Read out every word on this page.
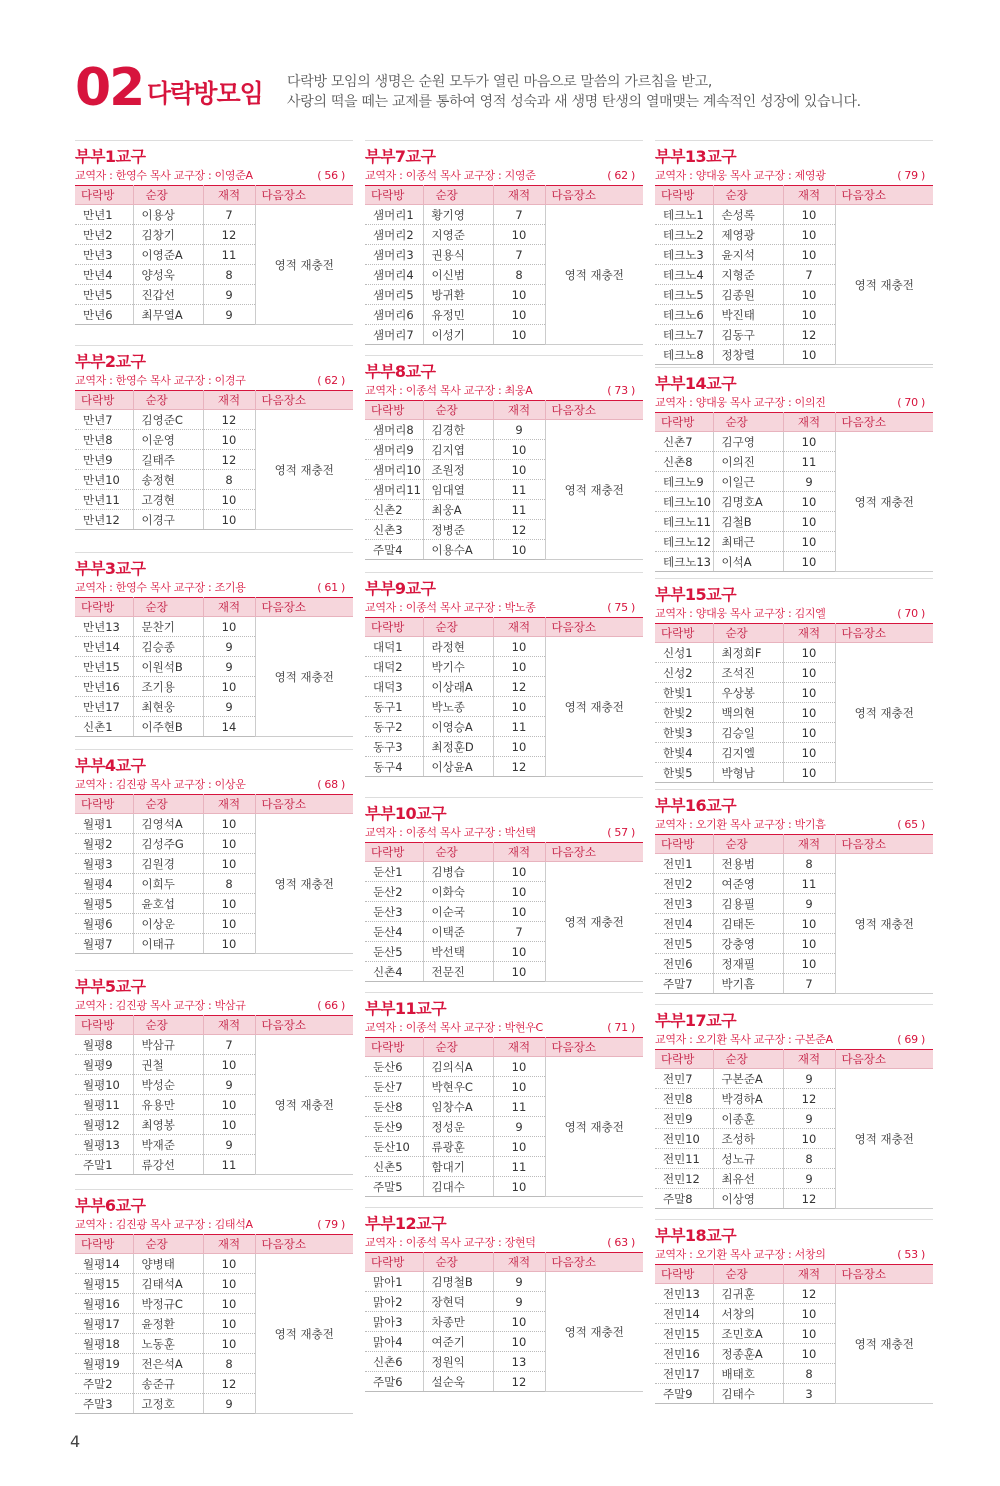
02 다락방모임 다락방 모임의 생명은 순원 모두가 열린 마음으로 말씀의 가르침을 받고,
사랑의 떡을 떼는 교제를 통하여 영적 성숙과 새 생명 탄생의 열매맺는 계속적인 성장에 있습니다.
부부1교구
교역자 : 한영수 목사 교구장 : 이영준A	( 56 )
다락방	순장	재적	다음장소
만년1	이용상	7	영적 재충전
만년2	김창기	12	
만년3	이영준A	11	
만년4	양성욱	8	
만년5	진갑선	9	
만년6	최무열A	9	
부부2교구
교역자 : 한영수 목사 교구장 : 이경구	( 62 )
다락방	순장	재적	다음장소
만년7	김영준C	12	영적 재충전
만년8	이운영	10	
만년9	길태주	12	
만년10	송정현	8	
만년11	고경현	10	
만년12	이경구	10	
부부3교구
교역자 : 한영수 목사 교구장 : 조기용	( 61 )
다락방	순장	재적	다음장소
만년13	문찬기	10	영적 재충전
만년14	김승종	9	
만년15	이원석B	9	
만년16	조기용	10	
만년17	최현웅	9	
신촌1	이주현B	14	
부부4교구
교역자 : 김진광 목사 교구장 : 이상운	( 68 )
다락방	순장	재적	다음장소
월평1	김영석A	10	영적 재충전
월평2	김성주G	10	
월평3	김원경	10	
월평4	이희두	8	
월평5	윤호섭	10	
월평6	이상운	10	
월평7	이태규	10	
부부5교구
교역자 : 김진광 목사 교구장 : 박삼규	( 66 )
다락방	순장	재적	다음장소
월평8	박삼규	7	영적 재충전
월평9	권철	10	
월평10	박성순	9	
월평11	유용만	10	
월평12	최영봉	10	
월평13	박재준	9	
주말1	류강선	11	
부부6교구
교역자 : 김진광 목사 교구장 : 김태석A	( 79 )
다락방	순장	재적	다음장소
월평14	양병태	10	영적 재충전
월평15	김태석A	10	
월평16	박정규C	10	
월평17	윤정환	10	
월평18	노동훈	10	
월평19	전은석A	8	
주말2	송준규	12	
주말3	고정호	9	
부부7교구
교역자 : 이종석 목사 교구장 : 지영준	( 62 )
다락방	순장	재적	다음장소
샘머리1	황기영	7	영적 재충전
샘머리2	지영준	10	
샘머리3	권용식	7	
샘머리4	이신범	8	
샘머리5	방귀환	10	
샘머리6	유정민	10	
샘머리7	이성기	10	
부부8교구
교역자 : 이종석 목사 교구장 : 최웅A	( 73 )
다락방	순장	재적	다음장소
샘머리8	김경한	9	영적 재충전
샘머리9	김지엽	10	
샘머리10	조원정	10	
샘머리11	임대열	11	
신촌2	최웅A	11	
신촌3	정병준	12	
주말4	이용수A	10	
부부9교구
교역자 : 이종석 목사 교구장 : 박노종	( 75 )
다락방	순장	재적	다음장소
대덕1	라정현	10	영적 재충전
대덕2	박기수	10	
대덕3	이상래A	12	
동구1	박노종	10	
동구2	이영승A	11	
동구3	최정훈D	10	
동구4	이상윤A	12	
부부10교구
교역자 : 이종석 목사 교구장 : 박선택	( 57 )
다락방	순장	재적	다음장소
둔산1	김병습	10	영적 재충전
둔산2	이화숙	10	
둔산3	이순국	10	
둔산4	이택준	7	
둔산5	박선택	10	
신촌4	전문진	10	
부부11교구
교역자 : 이종석 목사 교구장 : 박현우C	( 71 )
다락방	순장	재적	다음장소
둔산6	김의식A	10	영적 재충전
둔산7	박현우C	10	
둔산8	임창수A	11	
둔산9	정성운	9	
둔산10	류광훈	10	
신촌5	함대기	11	
주말5	김대수	10	
부부12교구
교역자 : 이종석 목사 교구장 : 장현덕	( 63 )
다락방	순장	재적	다음장소
맑아1	김명철B	9	영적 재충전
맑아2	장현덕	9	
맑아3	차종만	10	
맑아4	여준기	10	
신촌6	정원익	13	
주말6	설순욱	12	
부부13교구
교역자 : 양대웅 목사 교구장 : 제영광	( 79 )
다락방	순장	재적	다음장소
테크노1	손성록	10	영적 재충전
테크노2	제영광	10	
테크노3	윤지석	10	
테크노4	지형준	7	
테크노5	김종원	10	
테크노6	박진태	10	
테크노7	김동구	12	
테크노8	정창렬	10	
부부14교구
교역자 : 양대웅 목사 교구장 : 이의진	( 70 )
다락방	순장	재적	다음장소
신촌7	김구영	10	영적 재충전
신촌8	이의진	11	
테크노9	이일근	9	
테크노10	김명호A	10	
테크노11	김철B	10	
테크노12	최태근	10	
테크노13	이석A	10	
부부15교구
교역자 : 양대웅 목사 교구장 : 김지엘	( 70 )
다락방	순장	재적	다음장소
신성1	최정희F	10	영적 재충전
신성2	조석진	10	
한빛1	우상봉	10	
한빛2	백의현	10	
한빛3	김승일	10	
한빛4	김지엘	10	
한빛5	박형남	10	
부부16교구
교역자 : 오기환 목사 교구장 : 박기흠	( 65 )
다락방	순장	재적	다음장소
전민1	전용범	8	영적 재충전
전민2	여준영	11	
전민3	김용필	9	
전민4	김태돈	10	
전민5	강충영	10	
전민6	정재필	10	
주말7	박기흠	7	
부부17교구
교역자 : 오기환 목사 교구장 : 구본준A	( 69 )
다락방	순장	재적	다음장소
전민7	구본준A	9	영적 재충전
전민8	박경하A	12	
전민9	이종훈	9	
전민10	조성하	10	
전민11	성노규	8	
전민12	최유선	9	
주말8	이상영	12	
부부18교구
교역자 : 오기환 목사 교구장 : 서창의	( 53 )
다락방	순장	재적	다음장소
전민13	김귀훈	12	영적 재충전
전민14	서창의	10	
전민15	조민호A	10	
전민16	정종훈A	10	
전민17	배태호	8	
주말9	김태수	3	
4
